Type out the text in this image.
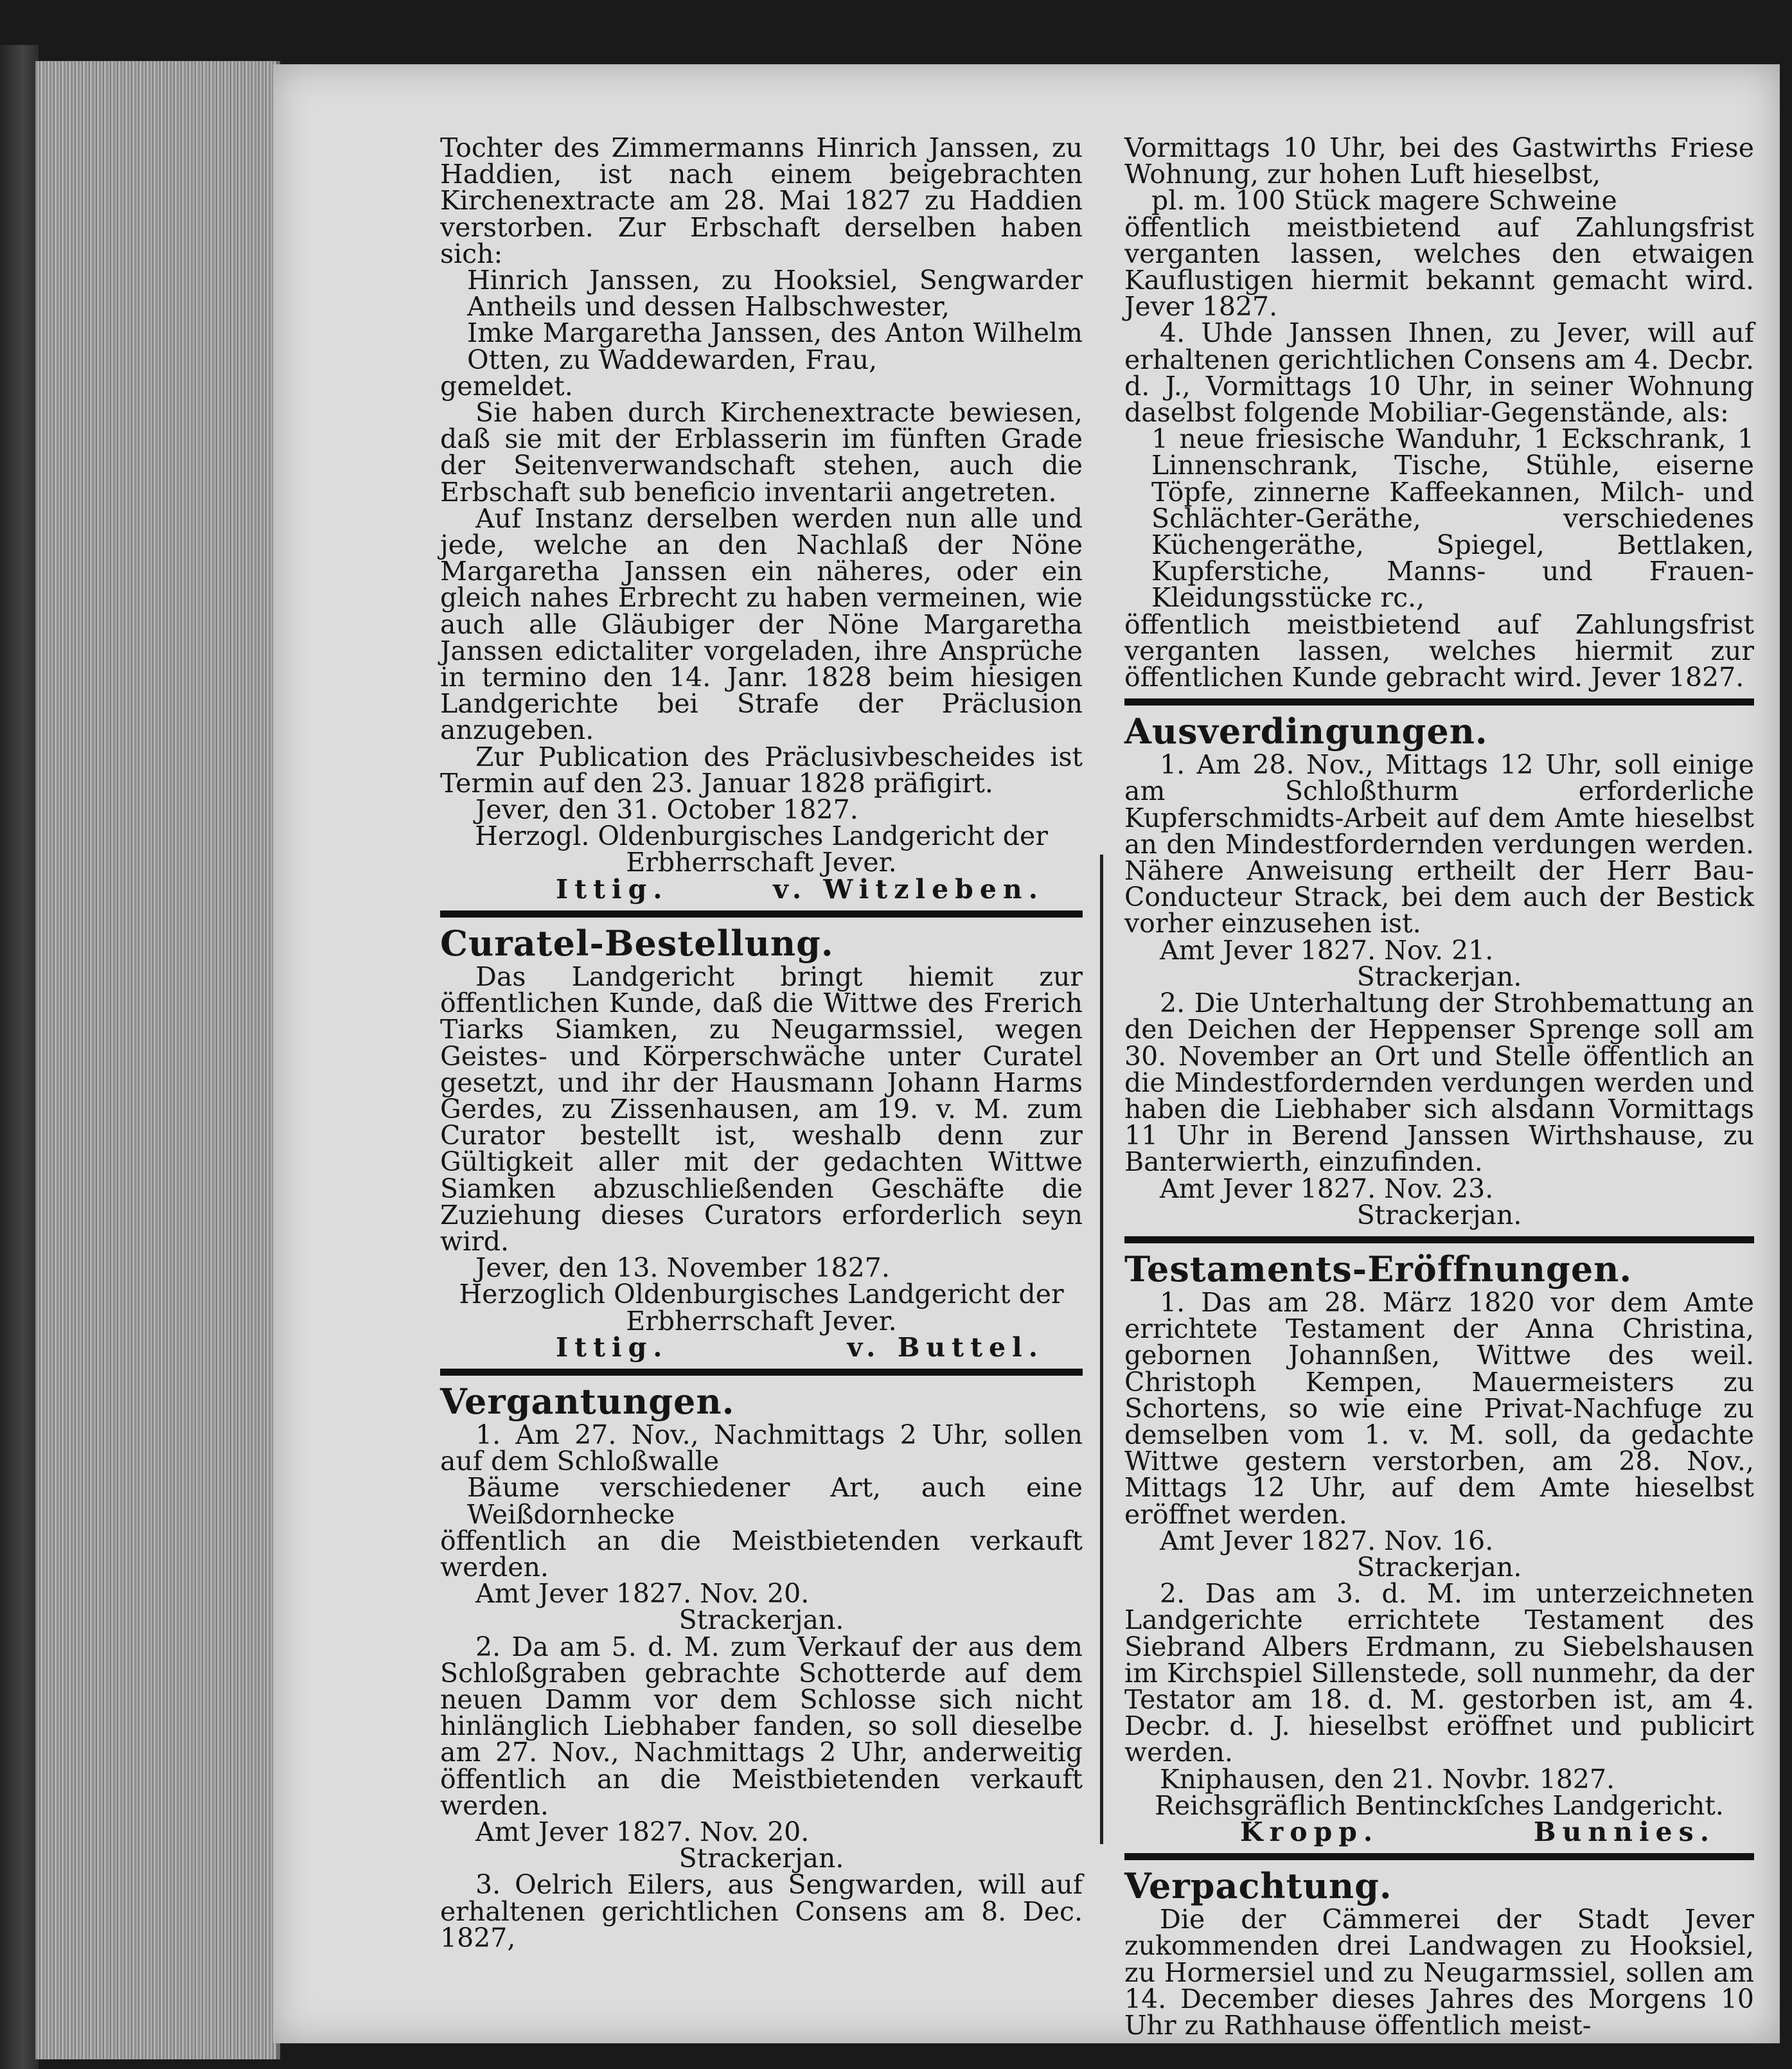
Tochter des Zimmermanns Hinrich Janssen, zu Haddien, ist nach einem beigebrachten Kirchenextracte am 28. Mai 1827 zu Haddien verstorben. Zur Erbschaft derselben haben sich:

Hinrich Janssen, zu Hooksiel, Sengwarder Antheils und dessen Halbschwester,

Imke Margaretha Janssen, des Anton Wilhelm Otten, zu Waddewarden, Frau,

gemeldet.

Sie haben durch Kirchenextracte bewiesen, daß sie mit der Erblasserin im fünften Grade der Seitenverwandschaft stehen, auch die Erbschaft sub beneficio inventarii angetreten.

Auf Instanz derselben werden nun alle und jede, welche an den Nachlaß der Nöne Margaretha Janssen ein näheres, oder ein gleich nahes Erbrecht zu haben vermeinen, wie auch alle Gläubiger der Nöne Margaretha Janssen edictaliter vorgeladen, ihre Ansprüche in termino den 14. Janr. 1828 beim hiesigen Landgerichte bei Strafe der Präclusion anzugeben.

Zur Publication des Präclusivbescheides ist Termin auf den 23. Januar 1828 präfigirt.

Jever, den 31. October 1827.

Herzogl. Oldenburgisches Landgericht der Erbherrschaft Jever.

Ittig.	v. Witzleben.

Curatel-Bestellung.

Das Landgericht bringt hiemit zur öffentlichen Kunde, daß die Wittwe des Frerich Tiarks Siamken, zu Neugarmssiel, wegen Geistes- und Körperschwäche unter Curatel gesetzt, und ihr der Hausmann Johann Harms Gerdes, zu Zissenhausen, am 19. v. M. zum Curator bestellt ist, weshalb denn zur Gültigkeit aller mit der gedachten Wittwe Siamken abzuschließenden Geschäfte die Zuziehung dieses Curators erforderlich seyn wird.

Jever, den 13. November 1827.

Herzoglich Oldenburgisches Landgericht der Erbherrschaft Jever.

Ittig.	v. Buttel.

Vergantungen.

1. Am 27. Nov., Nachmittags 2 Uhr, sollen auf dem Schloßwalle

Bäume verschiedener Art, auch eine Weißdornhecke

öffentlich an die Meistbietenden verkauft werden.

Amt Jever 1827. Nov. 20.

Strackerjan.

2. Da am 5. d. M. zum Verkauf der aus dem Schloßgraben gebrachte Schotterde auf dem neuen Damm vor dem Schlosse sich nicht hinlänglich Liebhaber fanden, so soll dieselbe am 27. Nov., Nachmittags 2 Uhr, anderweitig öffentlich an die Meistbietenden verkauft werden.

Amt Jever 1827. Nov. 20.

Strackerjan.

3. Oelrich Eilers, aus Sengwarden, will auf erhaltenen gerichtlichen Consens am 8. Dec. 1827,

Vormittags 10 Uhr, bei des Gastwirths Friese Wohnung, zur hohen Luft hieselbst,

pl. m. 100 Stück magere Schweine

öffentlich meistbietend auf Zahlungsfrist verganten lassen, welches den etwaigen Kauflustigen hiermit bekannt gemacht wird. Jever 1827.

4. Uhde Janssen Ihnen, zu Jever, will auf erhaltenen gerichtlichen Consens am 4. Decbr. d. J., Vormittags 10 Uhr, in seiner Wohnung daselbst folgende Mobiliar-Gegenstände, als:

1 neue friesische Wanduhr, 1 Eckschrank, 1 Linnenschrank, Tische, Stühle, eiserne Töpfe, zinnerne Kaffeekannen, Milch- und Schlächter-Geräthe, verschiedenes Küchengeräthe, Spiegel, Bettlaken, Kupferstiche, Manns- und Frauen-Kleidungsstücke rc.,

öffentlich meistbietend auf Zahlungsfrist verganten lassen, welches hiermit zur öffentlichen Kunde gebracht wird. Jever 1827.

Ausverdingungen.

1. Am 28. Nov., Mittags 12 Uhr, soll einige am Schloßthurm erforderliche Kupferschmidts-Arbeit auf dem Amte hieselbst an den Mindestfordernden verdungen werden. Nähere Anweisung ertheilt der Herr Bau-Conducteur Strack, bei dem auch der Bestick vorher einzusehen ist.

Amt Jever 1827. Nov. 21.

Strackerjan.

2. Die Unterhaltung der Strohbemattung an den Deichen der Heppenser Sprenge soll am 30. November an Ort und Stelle öffentlich an die Mindestfordernden verdungen werden und haben die Liebhaber sich alsdann Vormittags 11 Uhr in Berend Janssen Wirthshause, zu Banterwierth, einzufinden.

Amt Jever 1827. Nov. 23.

Strackerjan.

Testaments-Eröffnungen.

1. Das am 28. März 1820 vor dem Amte errichtete Testament der Anna Christina, gebornen Johannßen, Wittwe des weil. Christoph Kempen, Mauermeisters zu Schortens, so wie eine Privat-Nachfuge zu demselben vom 1. v. M. soll, da gedachte Wittwe gestern verstorben, am 28. Nov., Mittags 12 Uhr, auf dem Amte hieselbst eröffnet werden.

Amt Jever 1827. Nov. 16.

Strackerjan.

2. Das am 3. d. M. im unterzeichneten Landgerichte errichtete Testament des Siebrand Albers Erdmann, zu Siebelshausen im Kirchspiel Sillenstede, soll nunmehr, da der Testator am 18. d. M. gestorben ist, am 4. Decbr. d. J. hieselbst eröffnet und publicirt werden.

Kniphausen, den 21. Novbr. 1827.

Reichsgräflich Bentinckſches Landgericht.

Kropp.	Bunnies.

Verpachtung.

Die der Cämmerei der Stadt Jever zukommenden drei Landwagen zu Hooksiel, zu Hormersiel und zu Neugarmssiel, sollen am 14. December dieses Jahres des Morgens 10 Uhr zu Rathhause öffentlich meist-
